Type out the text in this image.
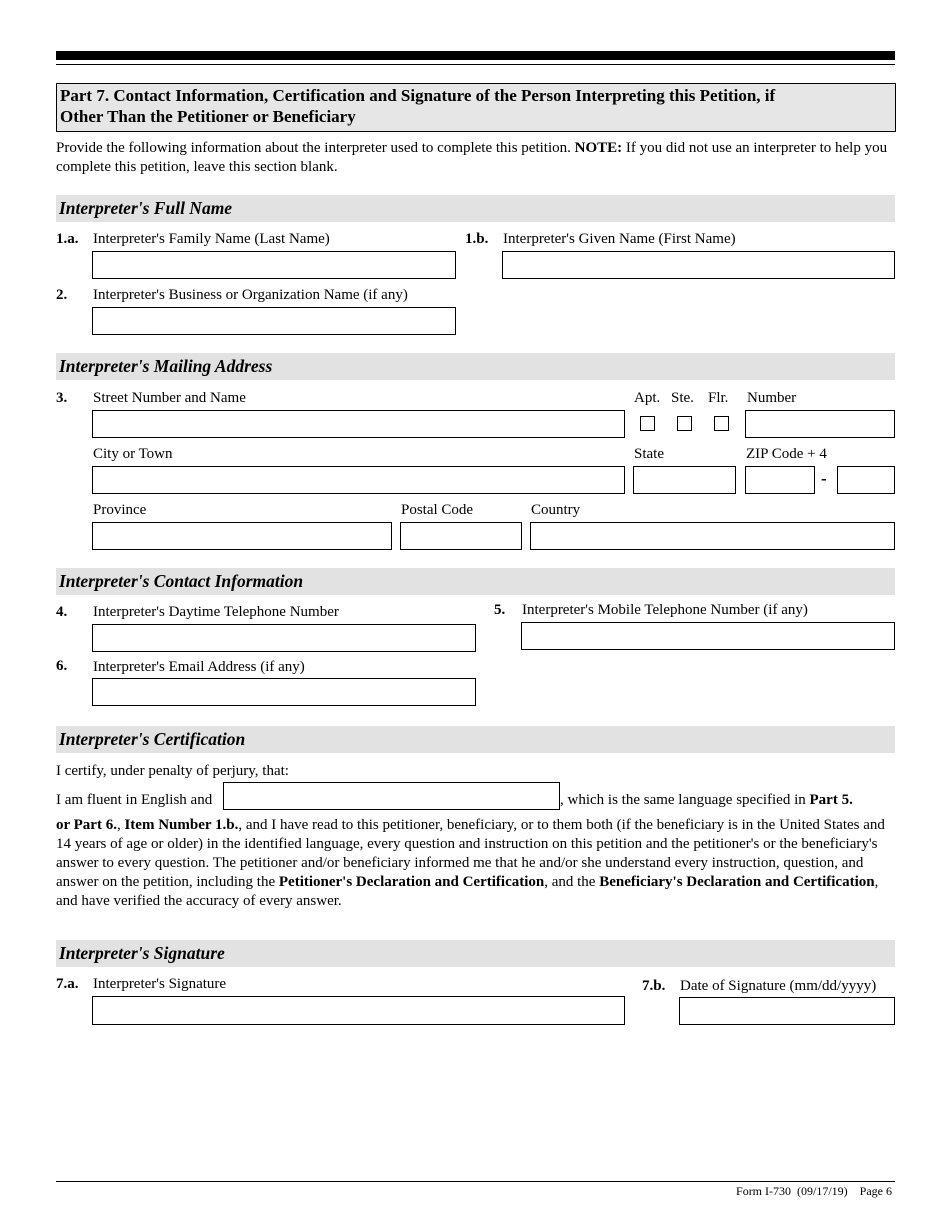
Part 7. Contact Information, Certification and Signature of the Person Interpreting this Petition, if
Other Than the Petitioner or Beneficiary
Provide the following information about the interpreter used to complete this petition. NOTE: If you did not use an interpreter to help you complete this petition, leave this section blank.
Interpreter's Full Name
1.a. Interpreter's Family Name (Last Name)	1.b. Interpreter's Given Name (First Name)
2. Interpreter's Business or Organization Name (if any)
Interpreter's Mailing Address
3. Street Number and Name	Apt. Ste. Flr. Number
City or Town	State	ZIP Code + 4
-
Province	Postal Code	Country
Interpreter's Contact Information
4. Interpreter's Daytime Telephone Number	5. Interpreter's Mobile Telephone Number (if any)
6. Interpreter's Email Address (if any)
Interpreter's Certification
I certify, under penalty of perjury, that:
I am fluent in English and	, which is the same language specified in Part 5.
or Part 6., Item Number 1.b., and I have read to this petitioner, beneficiary, or to them both (if the beneficiary is in the United States and 14 years of age or older) in the identified language, every question and instruction on this petition and the petitioner's or the beneficiary's answer to every question. The petitioner and/or beneficiary informed me that he and/or she understand every instruction, question, and answer on the petition, including the Petitioner's Declaration and Certification, and the Beneficiary's Declaration and Certification, and have verified the accuracy of every answer.
Interpreter's Signature
7.a. Interpreter's Signature	7.b. Date of Signature (mm/dd/yyyy)
Form I-730  (09/17/19) Page 6
